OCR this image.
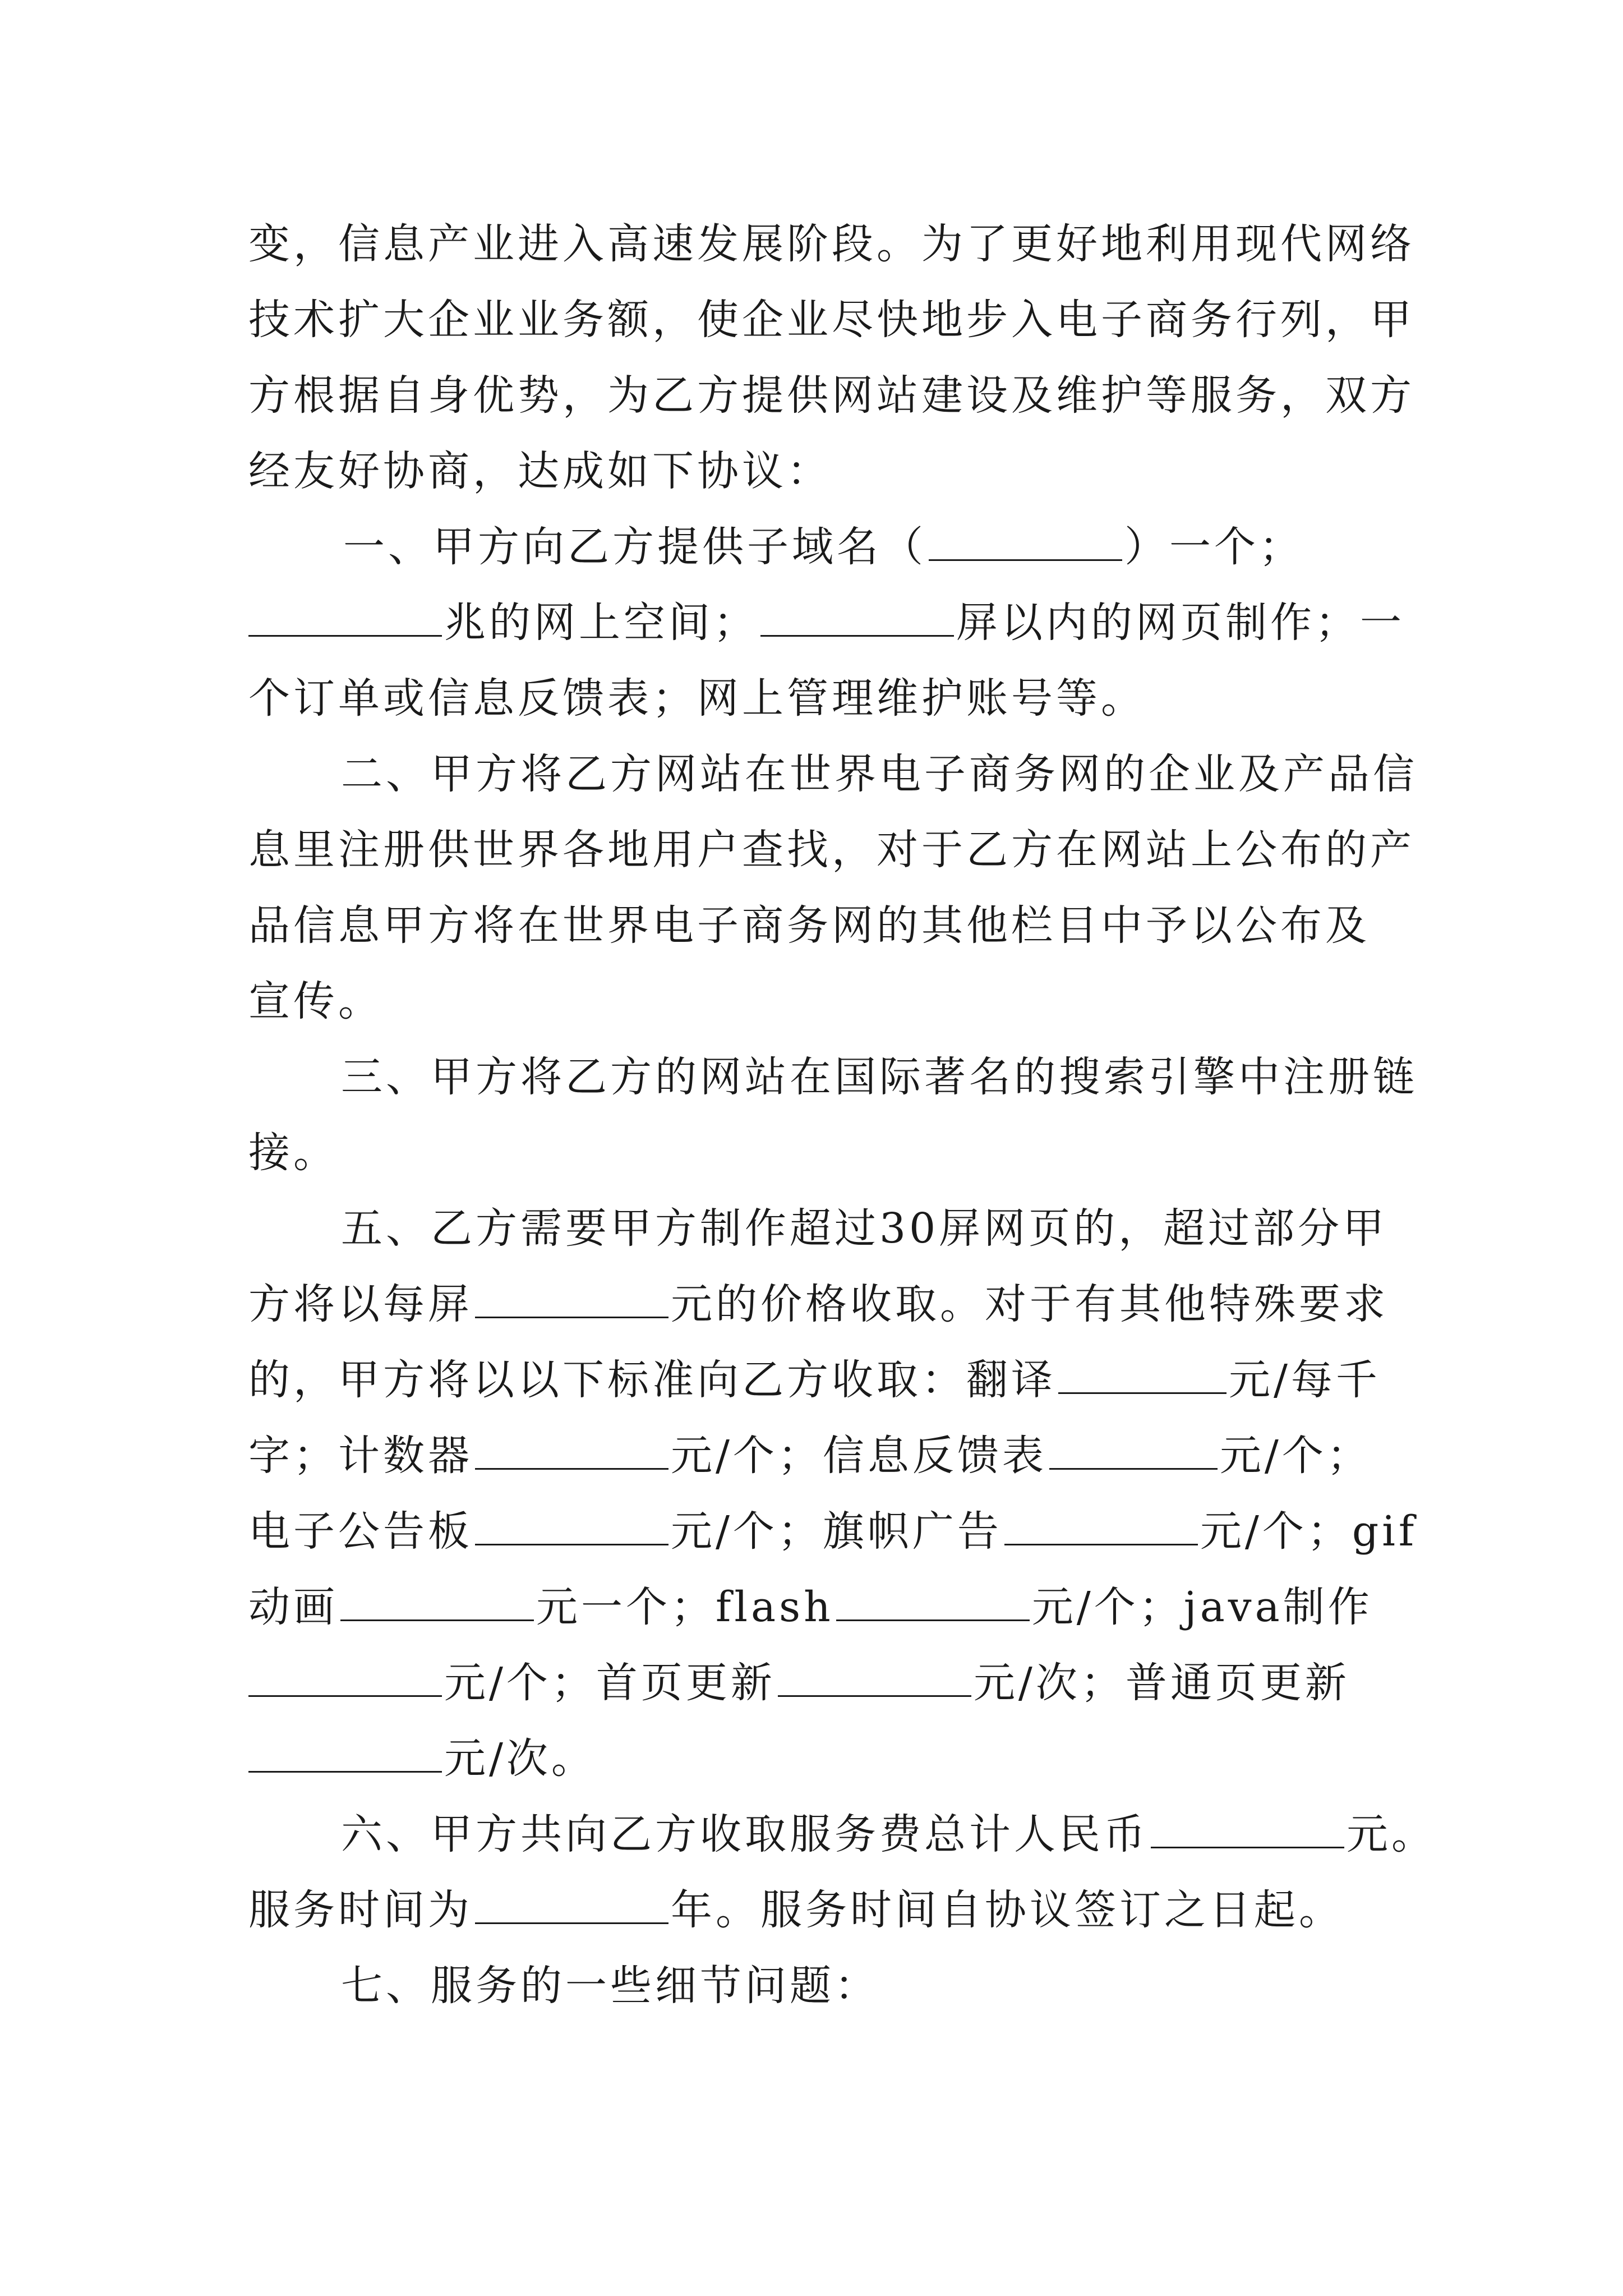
变，信息产业进入高速发展阶段。为了更好地利用现代网络
技术扩大企业业务额，使企业尽快地步入电子商务行列，甲
方根据自身优势，为乙方提供网站建设及维护等服务，双方
经友好协商，达成如下协议：
一、甲方向乙方提供子域名（	）一个；
兆的网上空间；	屏以内的网页制作；一
个订单或信息反馈表；网上管理维护账号等。
二、甲方将乙方网站在世界电子商务网的企业及产品信
息里注册供世界各地用户查找，对于乙方在网站上公布的产
品信息甲方将在世界电子商务网的其他栏目中予以公布及
宣传。
三、甲方将乙方的网站在国际著名的搜索引擎中注册链
接。
五、乙方需要甲方制作超过30屏网页的，超过部分甲
方将以每屏	元的价格收取。对于有其他特殊要求
的，甲方将以以下标准向乙方收取：翻译	元/每千
字；计数器	元/个；信息反馈表	元/个；
电子公告板	元/个；旗帜广告	元/个；gif
动画	元一个；flash	元/个；java制作
元/个；首页更新	元/次；普通页更新
元/次。
六、甲方共向乙方收取服务费总计人民币	元。
服务时间为	年。服务时间自协议签订之日起。
七、服务的一些细节问题：
